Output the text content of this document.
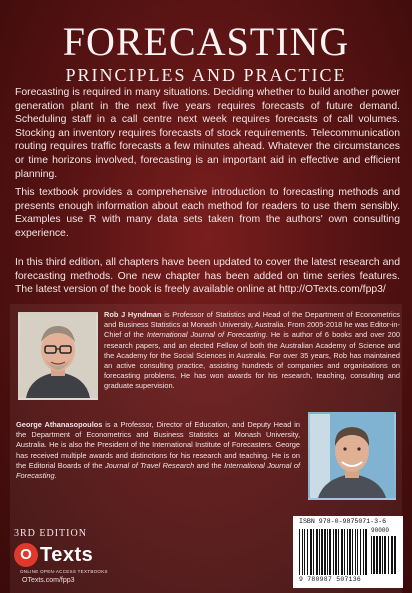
FORECASTING
PRINCIPLES AND PRACTICE
Forecasting is required in many situations. Deciding whether to build another power generation plant in the next five years requires forecasts of future demand. Scheduling staff in a call centre next week requires forecasts of call volumes. Stocking an inventory requires forecasts of stock requirements. Telecommunication routing requires traffic forecasts a few minutes ahead. Whatever the circumstances or time horizons involved, forecasting is an important aid in effective and efficient planning.
This textbook provides a comprehensive introduction to forecasting methods and presents enough information about each method for readers to use them sensibly. Examples use R with many data sets taken from the authors' own consulting experience.
In this third edition, all chapters have been updated to cover the latest research and forecasting methods. One new chapter has been added on time series features. The latest version of the book is freely available online at http://OTexts.com/fpp3/
Rob J Hyndman is Professor of Statistics and Head of the Department of Econometrics and Business Statistics at Monash University, Australia. From 2005-2018 he was Editor-in-Chief of the International Journal of Forecasting. He is author of 6 books and over 200 research papers, and an elected Fellow of both the Australian Academy of Science and the Academy for the Social Sciences in Australia. For over 35 years, Rob has maintained an active consulting practice, assisting hundreds of companies and organisations on forecasting problems. He has won awards for his research, teaching, consulting and graduate supervision.
George Athanasopoulos is a Professor, Director of Education, and Deputy Head in the Department of Econometrics and Business Statistics at Monash University, Australia. He is also the President of the International Institute of Forecasters. George has received multiple awards and distinctions for his research and teaching. He is on the Editorial Boards of the Journal of Travel Research and the International Journal of Forecasting.
3RD EDITION
O Texts
ONLINE OPEN-ACCESS TEXTBOOKS
OTexts.com/fpp3
ISBN 978-0-9875071-3-6
90000
9 780987 507136
